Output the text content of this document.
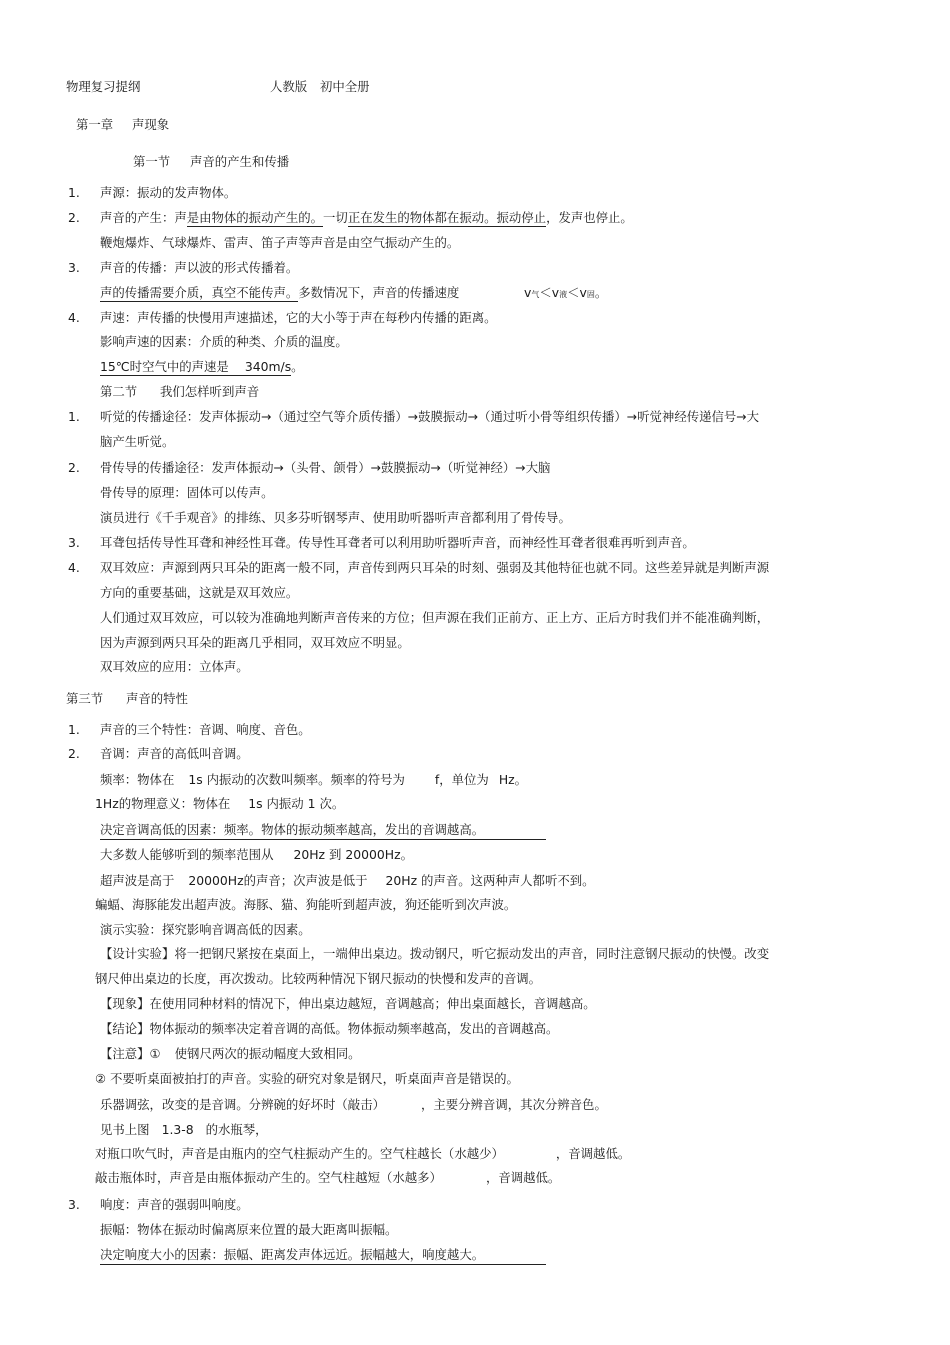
物理复习提纲	人教版 初中全册
第一章 声现象
第一节 声音的产生和传播
1. 声源：振动的发声物体。
2. 声音的产生：声是由物体的振动产生的。一切正在发生的物体都在振动。振动停止，发声也停止。
鞭炮爆炸、气球爆炸、雷声、笛子声等声音是由空气振动产生的。
3. 声音的传播：声以波的形式传播着。
声的传播需要介质，真空不能传声。多数情况下，声音的传播速度	v气＜v液＜v固。
4. 声速：声传播的快慢用声速描述，它的大小等于声在每秒内传播的距离。
影响声速的因素：介质的种类、介质的温度。
15℃时空气中的声速是 340m/s。
第二节 我们怎样听到声音
1. 听觉的传播途径：发声体振动→（通过空气等介质传播）→鼓膜振动→（通过听小骨等组织传播）→听觉神经传递信号→大
脑产生听觉。
2. 骨传导的传播途径：发声体振动→（头骨、颌骨）→鼓膜振动→（听觉神经）→大脑
骨传导的原理：固体可以传声。
演员进行《千手观音》的排练、贝多芬听钢琴声、使用助听器听声音都利用了骨传导。
3. 耳聋包括传导性耳聋和神经性耳聋。传导性耳聋者可以利用助听器听声音，而神经性耳聋者很难再听到声音。
4. 双耳效应：声源到两只耳朵的距离一般不同，声音传到两只耳朵的时刻、强弱及其他特征也就不同。这些差异就是判断声源
方向的重要基础，这就是双耳效应。
人们通过双耳效应，可以较为准确地判断声音传来的方位；但声源在我们正前方、正上方、正后方时我们并不能准确判断，
因为声源到两只耳朵的距离几乎相同，双耳效应不明显。
双耳效应的应用：立体声。
第三节 声音的特性
1. 声音的三个特性：音调、响度、音色。
2. 音调：声音的高低叫音调。
频率：物体在 1s 内振动的次数叫频率。频率的符号为 f，单位为 Hz。
1Hz的物理意义：物体在 1s 内振动 1 次。
决定音调高低的因素：频率。物体的振动频率越高，发出的音调越高。
大多数人能够听到的频率范围从 20Hz 到 20000Hz。
超声波是高于 20000Hz的声音；次声波是低于 20Hz 的声音。这两种声人都听不到。
蝙蝠、海豚能发出超声波。海豚、猫、狗能听到超声波，狗还能听到次声波。
演示实验：探究影响音调高低的因素。
【设计实验】将一把钢尺紧按在桌面上，一端伸出桌边。拨动钢尺，听它振动发出的声音，同时注意钢尺振动的快慢。改变
钢尺伸出桌边的长度，再次拨动。比较两种情况下钢尺振动的快慢和发声的音调。
【现象】在使用同种材料的情况下，伸出桌边越短，音调越高；伸出桌面越长，音调越高。
【结论】物体振动的频率决定着音调的高低。物体振动频率越高，发出的音调越高。
【注意】① 使钢尺两次的振动幅度大致相同。
② 不要听桌面被拍打的声音。实验的研究对象是钢尺，听桌面声音是错误的。
乐器调弦，改变的是音调。分辨碗的好坏时（敲击）	，主要分辨音调，其次分辨音色。
见书上图 1.3-8 的水瓶琴，
对瓶口吹气时，声音是由瓶内的空气柱振动产生的。空气柱越长（水越少）	，音调越低。
敲击瓶体时，声音是由瓶体振动产生的。空气柱越短（水越多）	，音调越低。
3. 响度：声音的强弱叫响度。
振幅：物体在振动时偏离原来位置的最大距离叫振幅。
决定响度大小的因素：振幅、距离发声体远近。振幅越大，响度越大。
